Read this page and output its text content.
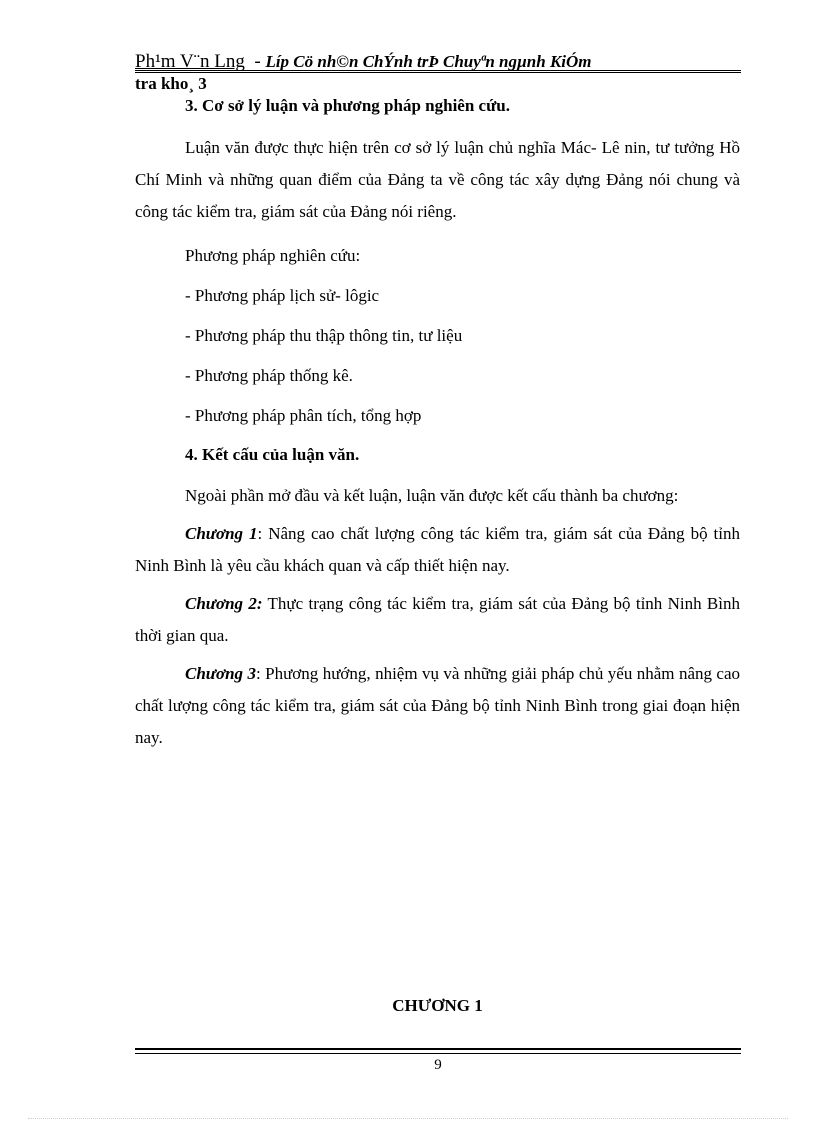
Ph¹m V¨n Lng  - Líp Cö nh©n ChÝnh trÞ Chuyªn ngµnh KiÓm
tra kho¸ 3

3. Cơ sở lý luận và phương pháp nghiên cứu.

Luận văn được thực hiện trên cơ sở lý luận chủ nghĩa Mác- Lê nin, tư tưởng Hồ Chí Minh và những quan điểm của Đảng ta về công tác xây dựng Đảng nói chung và công tác kiểm tra, giám sát của Đảng nói riêng.

Phương pháp nghiên cứu:

- Phương pháp lịch sử- lôgic

- Phương pháp thu thập thông tin, tư liệu

- Phương pháp thống kê.

- Phương pháp phân tích, tổng hợp

4. Kết cấu của luận văn.

Ngoài phần mở đầu và kết luận, luận văn được kết cấu thành ba chương:

Chương 1: Nâng cao chất lượng công tác kiểm tra, giám sát của Đảng bộ tỉnh Ninh Bình là yêu cầu khách quan và cấp thiết hiện nay.

Chương 2: Thực trạng công tác kiểm tra, giám sát của Đảng bộ tỉnh Ninh Bình thời gian qua.

Chương 3: Phương hướng, nhiệm vụ và những giải pháp chủ yếu nhằm nâng cao chất lượng công tác kiểm tra, giám sát của Đảng bộ tỉnh Ninh Bình trong giai đoạn hiện nay.

CHƯƠNG 1
9
